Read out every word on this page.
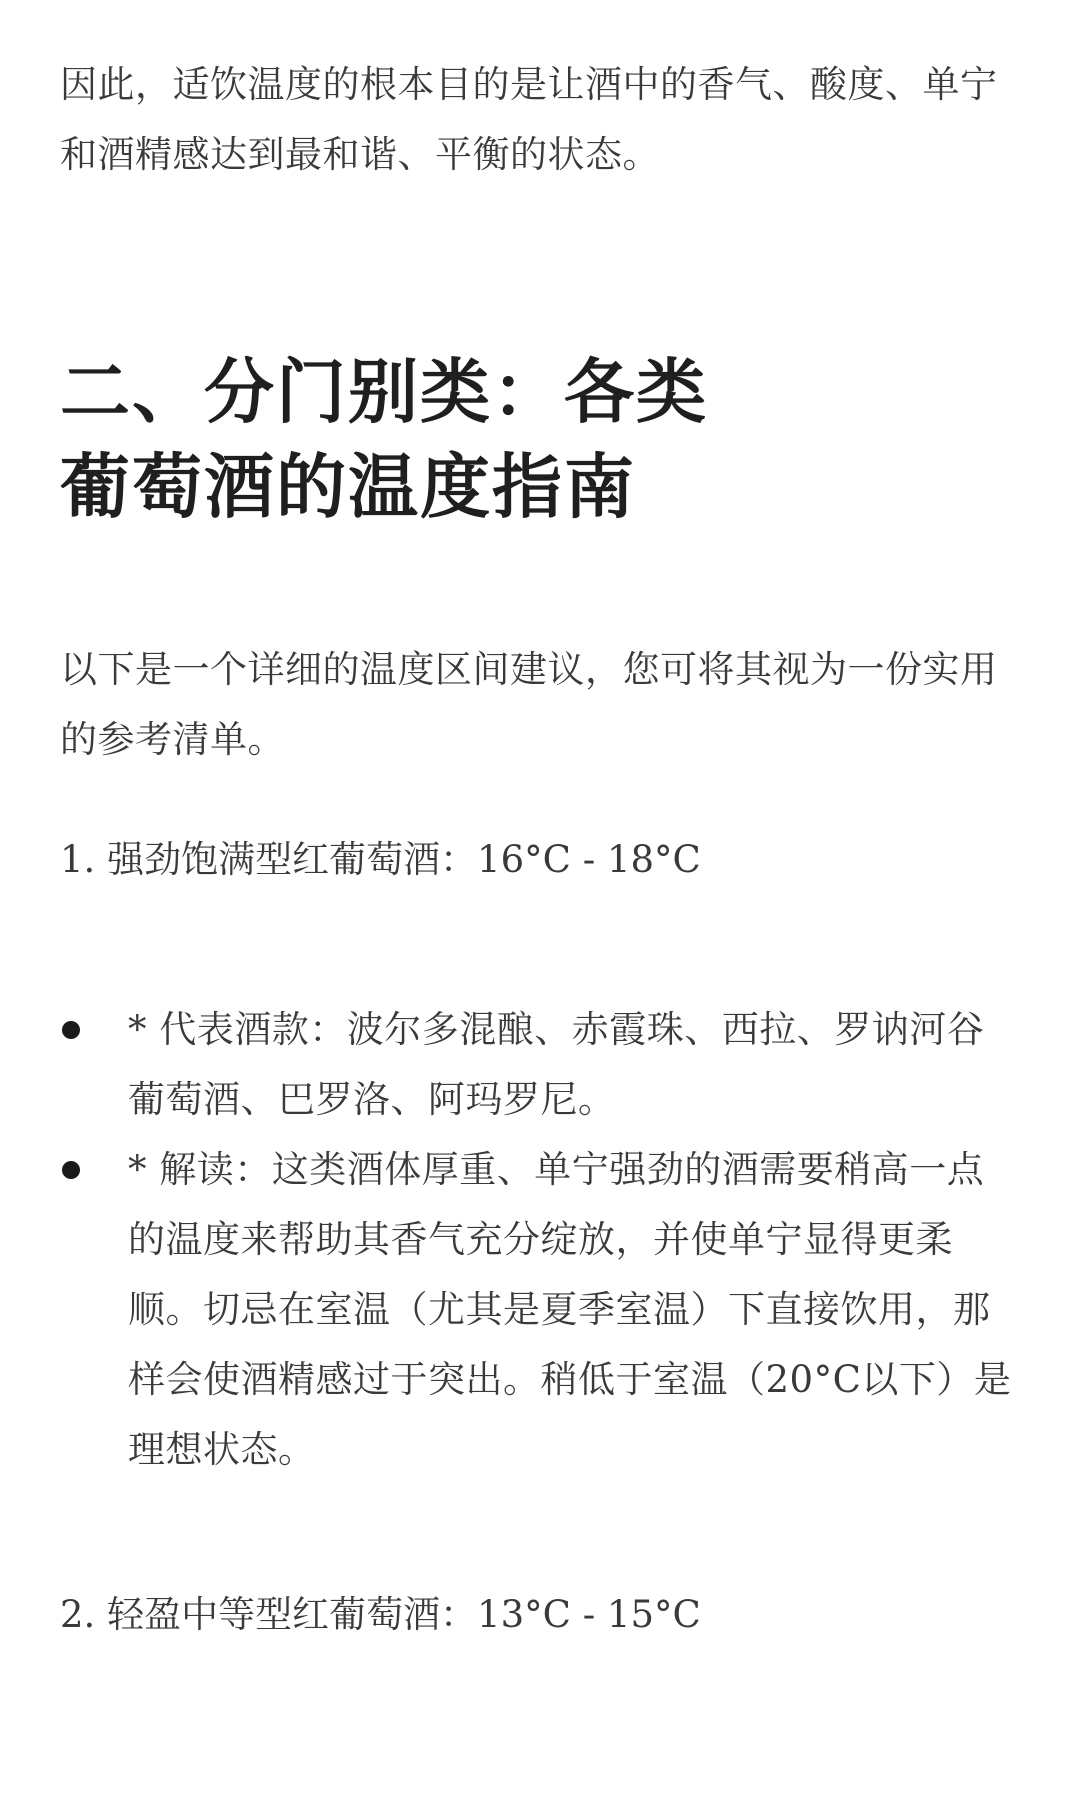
因此，适饮温度的根本目的是让酒中的香气、酸度、单宁和酒精感达到最和谐、平衡的状态。

二、分门别类：各类
葡萄酒的温度指南

以下是一个详细的温度区间建议，您可将其视为一份实用的参考清单。

1. 强劲饱满型红葡萄酒：16°C - 18°C

* 代表酒款：波尔多混酿、赤霞珠、西拉、罗讷河谷葡萄酒、巴罗洛、阿玛罗尼。
* 解读：这类酒体厚重、单宁强劲的酒需要稍高一点的温度来帮助其香气充分绽放，并使单宁显得更柔顺。切忌在室温（尤其是夏季室温）下直接饮用，那样会使酒精感过于突出。稍低于室温（20°C以下）是理想状态。

2. 轻盈中等型红葡萄酒：13°C - 15°C
